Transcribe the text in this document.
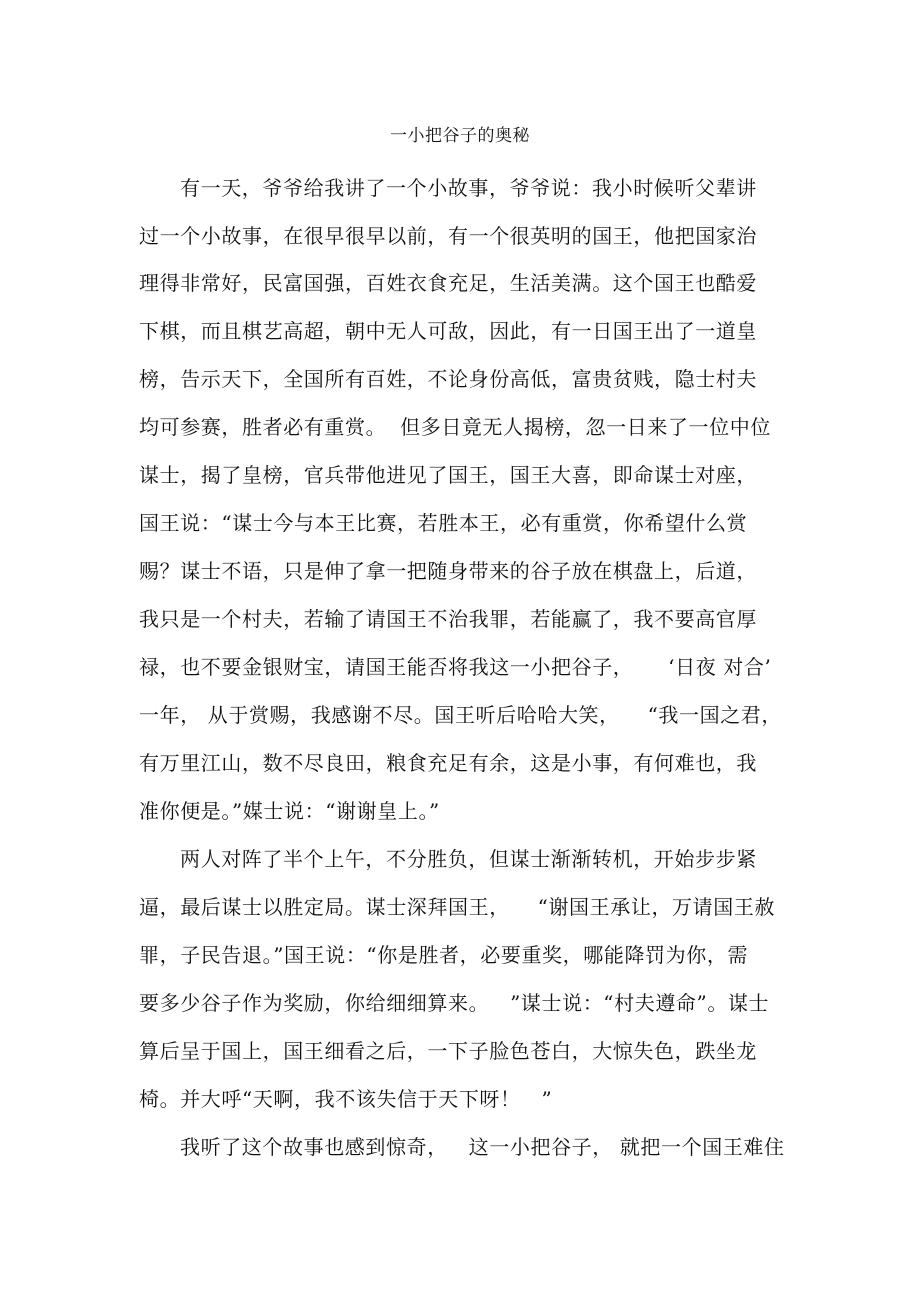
一小把谷子的奥秘
有一天，爷爷给我讲了一个小故事，爷爷说：我小时候听父辈讲
过一个小故事，在很早很早以前，有一个很英明的国王，他把国家治
理得非常好，民富国强，百姓衣食充足，生活美满。这个国王也酷爱
下棋，而且棋艺高超，朝中无人可敌，因此，有一日国王出了一道皇
榜，告示天下，全国所有百姓，不论身份高低，富贵贫贱，隐士村夫
均可参赛，胜者必有重赏。  但多日竟无人揭榜，忽一日来了一位中位
谋士，揭了皇榜，官兵带他进见了国王，国王大喜，即命谋士对座，
国王说：“谋士今与本王比赛，若胜本王，必有重赏，你希望什么赏
赐？谋士不语，只是伸了拿一把随身带来的谷子放在棋盘上，后道，
我只是一个村夫，若输了请国王不治我罪，若能赢了，我不要高官厚
禄，也不要金银财宝，请国王能否将我这一小把谷子，     ‘日夜 对合’
一年， 从于赏赐，我感谢不尽。国王听后哈哈大笑，    “我一国之君，
有万里江山，数不尽良田，粮食充足有余，这是小事，有何难也，我
准你便是。”媒士说：“谢谢皇上。”
两人对阵了半个上午，不分胜负，但谋士渐渐转机，开始步步紧
逼，最后谋士以胜定局。谋士深拜国王，    “谢国王承让，万请国王赦
罪，子民告退。”国王说：“你是胜者，必要重奖，哪能降罚为你，需
要多少谷子作为奖励，你给细细算来。   ”谋士说：“村夫遵命”。谋士
算后呈于国上，国王细看之后，一下子脸色苍白，大惊失色，跌坐龙
椅。并大呼“天啊，我不该失信于天下呀！   ”
我听了这个故事也感到惊奇，   这一小把谷子， 就把一个国王难住
